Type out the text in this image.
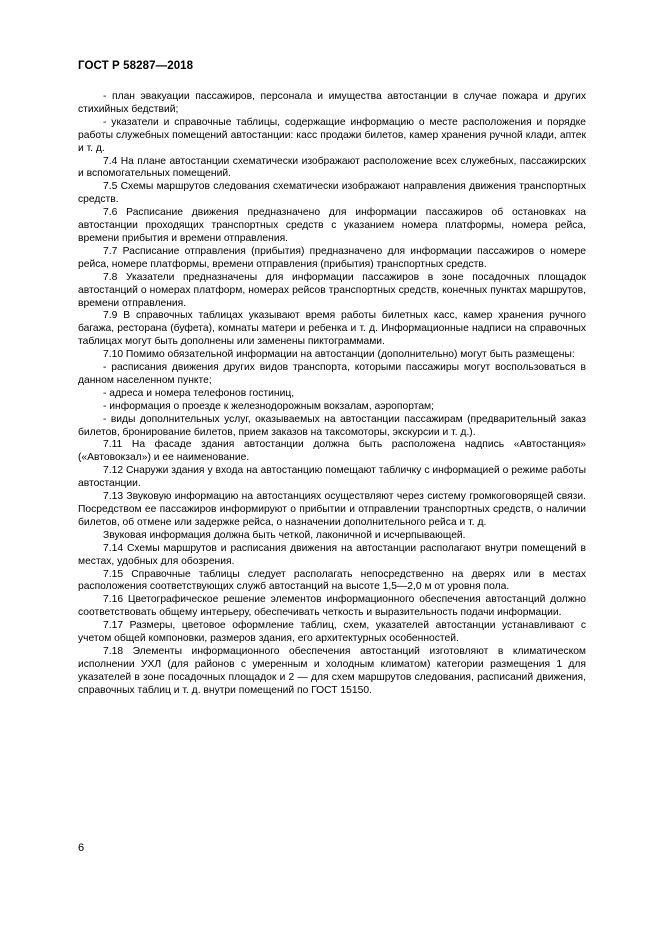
ГОСТ Р 58287—2018

- план эвакуации пассажиров, персонала и имущества автостанции в случае пожара и других стихийных бедствий;

- указатели и справочные таблицы, содержащие информацию о месте расположения и порядке работы служебных помещений автостанции: касс продажи билетов, камер хранения ручной клади, аптек и т. д.

7.4 На плане автостанции схематически изображают расположение всех служебных, пассажирских и вспомогательных помещений.

7.5 Схемы маршрутов следования схематически изображают направления движения транспортных средств.

7.6 Расписание движения предназначено для информации пассажиров об остановках на автостанции проходящих транспортных средств с указанием номера платформы, номера рейса, времени прибытия и времени отправления.

7.7 Расписание отправления (прибытия) предназначено для информации пассажиров о номере рейса, номере платформы, времени отправления (прибытия) транспортных средств.

7.8 Указатели предназначены для информации пассажиров в зоне посадочных площадок автостанций о номерах платформ, номерах рейсов транспортных средств, конечных пунктах маршрутов, времени отправления.

7.9 В справочных таблицах указывают время работы билетных касс, камер хранения ручного багажа, ресторана (буфета), комнаты матери и ребенка и т. д. Информационные надписи на справочных таблицах могут быть дополнены или заменены пиктограммами.

7.10 Помимо обязательной информации на автостанции (дополнительно) могут быть размещены:

- расписания движения других видов транспорта, которыми пассажиры могут воспользоваться в данном населенном пункте;

- адреса и номера телефонов гостиниц,

- информация о проезде к железнодорожным вокзалам, аэропортам;

- виды дополнительных услуг, оказываемых на автостанции пассажирам (предварительный заказ билетов, бронирование билетов, прием заказов на таксомоторы, экскурсии и т. д.).

7.11 На фасаде здания автостанции должна быть расположена надпись «Автостанция» («Автовокзал») и ее наименование.

7.12 Снаружи здания у входа на автостанцию помещают табличку с информацией о режиме работы автостанции.

7.13 Звуковую информацию на автостанциях осуществляют через систему громкоговорящей связи. Посредством ее пассажиров информируют о прибытии и отправлении транспортных средств, о наличии билетов, об отмене или задержке рейса, о назначении дополнительного рейса и т. д.

Звуковая информация должна быть четкой, лаконичной и исчерпывающей.

7.14 Схемы маршрутов и расписания движения на автостанции располагают внутри помещений в местах, удобных для обозрения.

7.15 Справочные таблицы следует располагать непосредственно на дверях или в местах расположения соответствующих служб автостанций на высоте 1,5—2,0 м от уровня пола.

7.16 Цветографическое решение элементов информационного обеспечения автостанций должно соответствовать общему интерьеру, обеспечивать четкость и выразительность подачи информации.

7.17 Размеры, цветовое оформление таблиц, схем, указателей автостанции устанавливают с учетом общей компоновки, размеров здания, его архитектурных особенностей.

7.18 Элементы информационного обеспечения автостанций изготовляют в климатическом исполнении УХЛ (для районов с умеренным и холодным климатом) категории размещения 1 для указателей в зоне посадочных площадок и 2 — для схем маршрутов следования, расписаний движения, справочных таблиц и т. д. внутри помещений по ГОСТ 15150.

6
